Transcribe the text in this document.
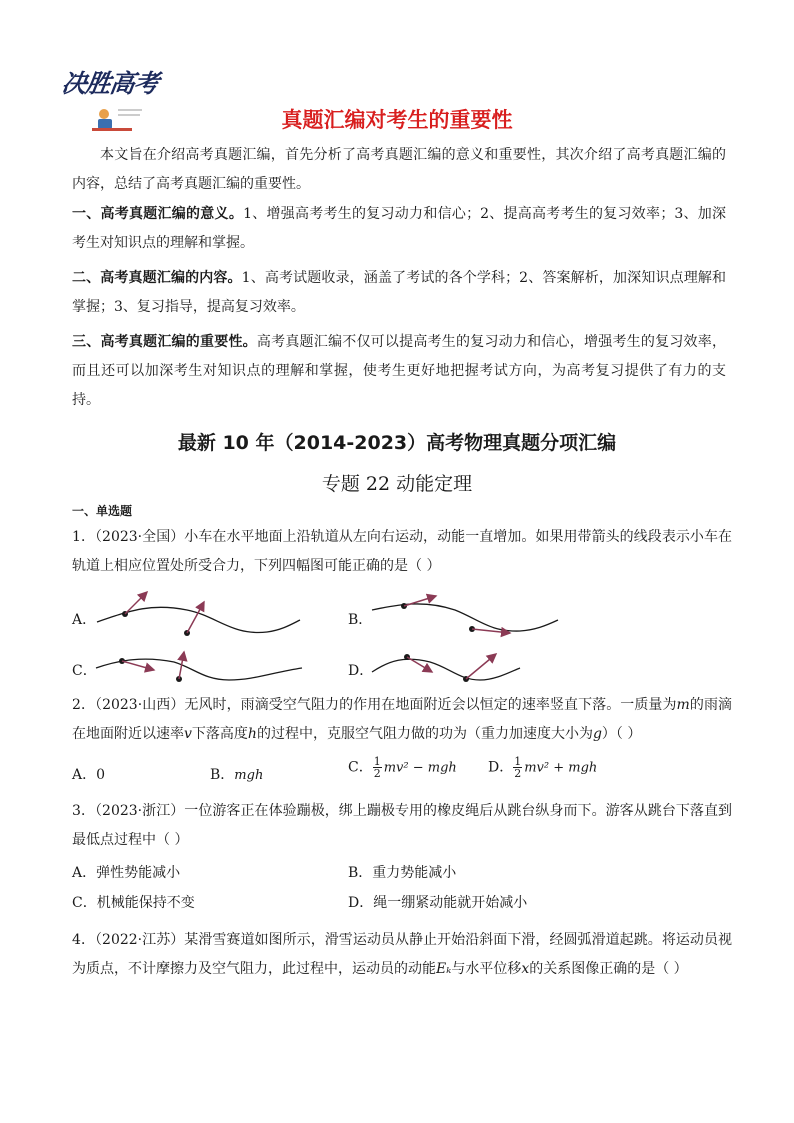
决胜高考
真题汇编对考生的重要性

本文旨在介绍高考真题汇编，首先分析了高考真题汇编的意义和重要性，其次介绍了高考真题汇编的内容，总结了高考真题汇编的重要性。

一、高考真题汇编的意义。1、增强高考考生的复习动力和信心；2、提高高考考生的复习效率；3、加深考生对知识点的理解和掌握。

二、高考真题汇编的内容。1、高考试题收录，涵盖了考试的各个学科；2、答案解析，加深知识点理解和掌握；3、复习指导，提高复习效率。

三、高考真题汇编的重要性。高考真题汇编不仅可以提高考生的复习动力和信心，增强考生的复习效率，而且还可以加深考生对知识点的理解和掌握，使考生更好地把握考试方向，为高考复习提供了有力的支持。

最新 10 年（2014-2023）高考物理真题分项汇编
专题 22 动能定理
一、单选题

1．（2023·全国）小车在水平地面上沿轨道从左向右运动，动能一直增加。如果用带箭头的线段表示小车在轨道上相应位置处所受合力，下列四幅图可能正确的是（ ）

A．	B．
C．	D．

2．（2023·山西）无风时，雨滴受空气阻力的作用在地面附近会以恒定的速率竖直下落。一质量为m的雨滴在地面附近以速率v下落高度h的过程中，克服空气阻力做的功为（重力加速度大小为g）（ ）

A．0	B．mgh	C． $\frac{1}{2} mv^2$ − mgh D． $\frac{1}{2} mv^2$ + mgh

3．（2023·浙江）一位游客正在体验蹦极，绑上蹦极专用的橡皮绳后从跳台纵身而下。游客从跳台下落直到最低点过程中（ ）

A．弹性势能减小	B．重力势能减小
C．机械能保持不变	D．绳一绷紧动能就开始减小

4．（2022·江苏）某滑雪赛道如图所示，滑雪运动员从静止开始沿斜面下滑，经圆弧滑道起跳。将运动员视为质点，不计摩擦力及空气阻力，此过程中，运动员的动能Eₖ与水平位移x的关系图像正确的是（ ）
